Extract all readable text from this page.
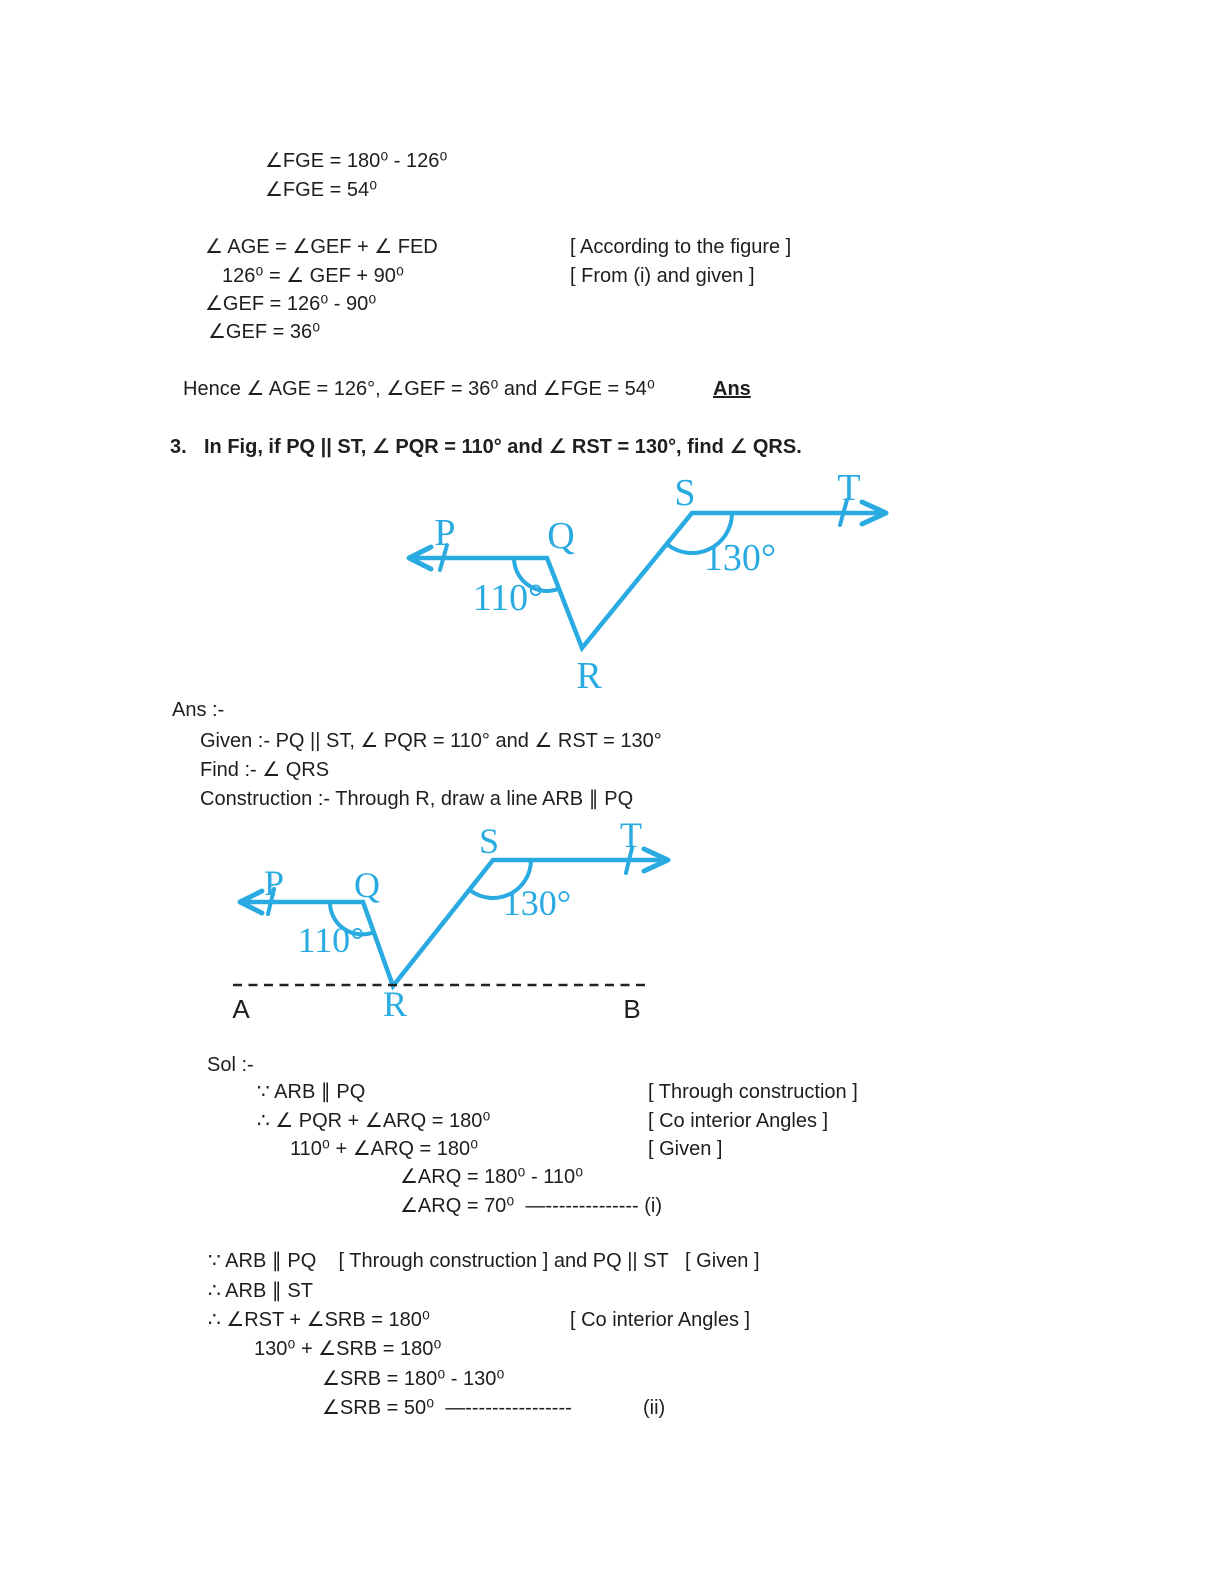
∠FGE = 180⁰ - 126⁰
∠FGE = 54⁰
∠ AGE = ∠GEF + ∠ FED	[ According to the figure ]
126⁰ = ∠ GEF + 90⁰	[ From (i) and given ]
∠GEF = 126⁰ - 90⁰
∠GEF = 36⁰
Hence ∠ AGE = 126°, ∠GEF = 36⁰ and ∠FGE = 54⁰	Ans
3. In Fig, if PQ || ST, ∠ PQR = 110° and ∠ RST = 130°, find ∠ QRS.
P Q
R
S	T
110°
130°
Ans :-
Given :- PQ || ST, ∠ PQR = 110° and ∠ RST = 130°
Find :- ∠ QRS
Construction :- Through R, draw a line ARB ∥ PQ
P Q
R
S	T
A	B
110°
130°
Sol :-
∵ ARB ∥ PQ	[ Through construction ]
∴ ∠ PQR + ∠ARQ = 180⁰	[ Co interior Angles ]
110⁰ + ∠ARQ = 180⁰	[ Given ]
∠ARQ = 180⁰ - 110⁰
∠ARQ = 70⁰  —-------------- (i)
∵ ARB ∥ PQ    [ Through construction ] and PQ || ST   [ Given ]
∴ ARB ∥ ST
∴ ∠RST + ∠SRB = 180⁰	[ Co interior Angles ]
130⁰ + ∠SRB = 180⁰
∠SRB = 180⁰ - 130⁰
∠SRB = 50⁰  —----------------	(ii)
